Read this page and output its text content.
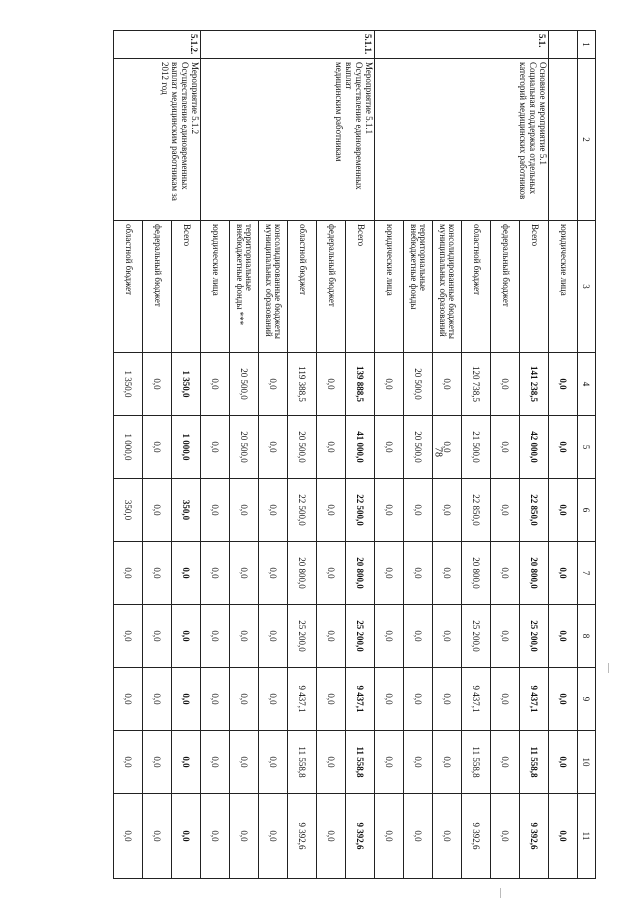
78
1	2	3	4	5	6	7	8	9	10	11
		юридические лица	0,0	0,0	0,0	0,0	0,0	0,0	0,0	0,0
5.1.	Основное мероприятие 5.1
Социальная поддержка отдельных
категорий медицинских работников	Всего	141 238,5	42 000,0	22 850,0	20 800,0	25 200,0	9 437,1	11 558,8	9 392,6
		федеральный бюджет	0,0	0,0	0,0	0,0	0,0	0,0	0,0	0,0
		областной бюджет	120 738,5	21 500,0	22 850,0	20 800,0	25 200,0	9 437,1	11 558,8	9 392,6
		консолидированные бюджеты муниципальных образований	0,0	0,0	0,0	0,0	0,0	0,0	0,0	0,0
		территориальные внебюджетные фонды	20 500,0	20 500,0	0,0	0,0	0,0	0,0	0,0	0,0
		юридические лица	0,0	0,0	0,0	0,0	0,0	0,0	0,0	0,0
5.1.1.	Мероприятие 5.1.1
Осуществление единовременных выплат
медицинским работникам	Всего	139 888,5	41 000,0	22 500,0	20 800,0	25 200,0	9 437,1	11 558,8	9 392,6
		федеральный бюджет	0,0	0,0	0,0	0,0	0,0	0,0	0,0	0,0
		областной бюджет	119 388,5	20 500,0	22 500,0	20 800,0	25 200,0	9 437,1	11 558,8	9 392,6
		консолидированные бюджеты муниципальных образований	0,0	0,0	0,0	0,0	0,0	0,0	0,0	0,0
		территориальные внебюджетные фонды ***	20 500,0	20 500,0	0,0	0,0	0,0	0,0	0,0	0,0
		юридические лица	0,0	0,0	0,0	0,0	0,0	0,0	0,0	0,0
5.1.2.	Мероприятие 5.1.2
Осуществление единовременных
выплат медицинским работникам за
2012 год	Всего	1 350,0	1 000,0	350,0	0,0	0,0	0,0	0,0	0,0
		федеральный бюджет	0,0	0,0	0,0	0,0	0,0	0,0	0,0	0,0
		областной бюджет	1 350,0	1 000,0	350,0	0,0	0,0	0,0	0,0	0,0
